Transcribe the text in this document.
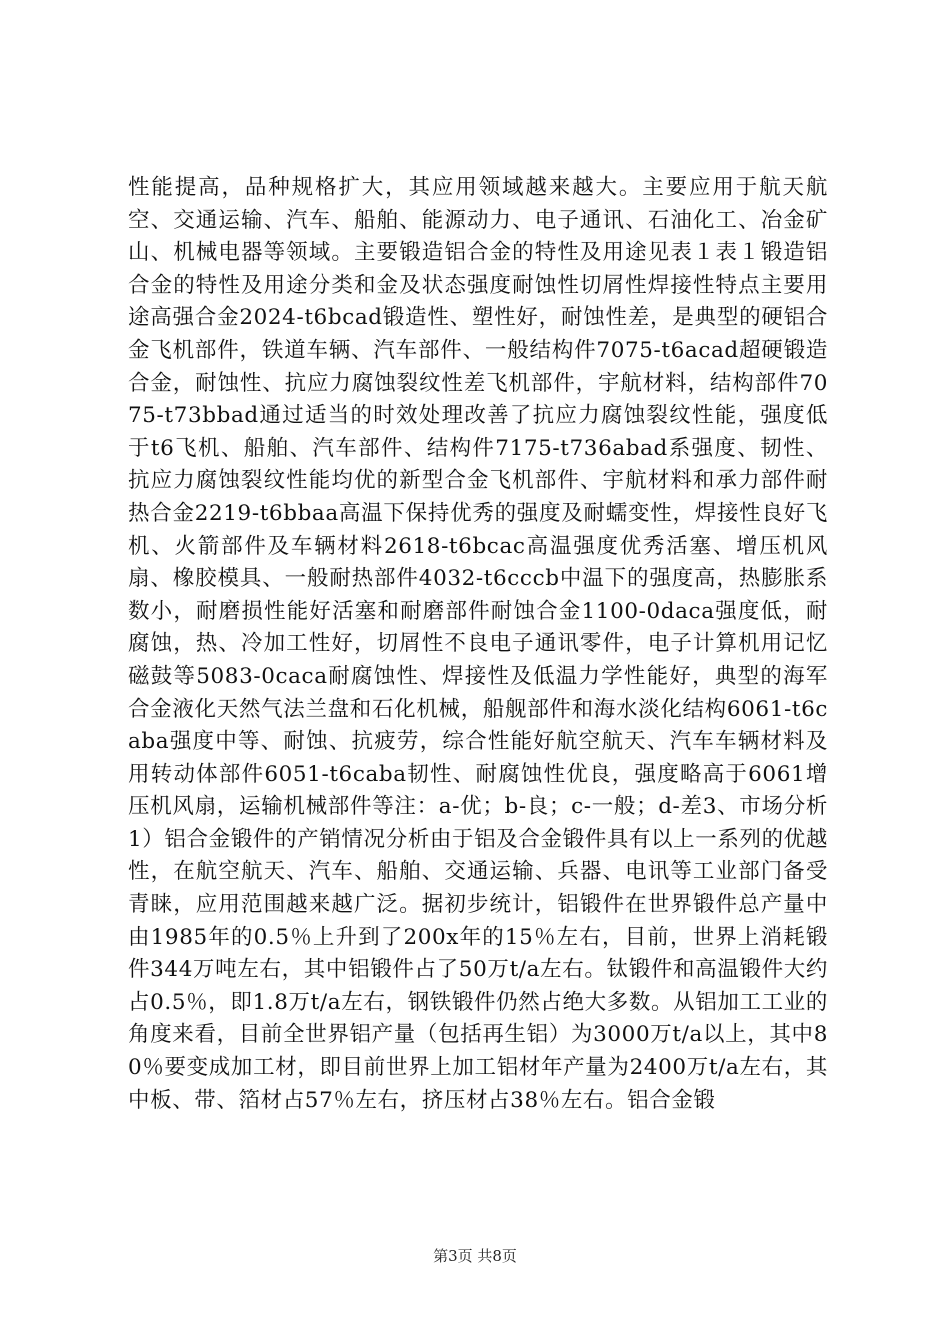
性能提高，品种规格扩大，其应用领域越来越大。主要应用于航天航空、交通运输、汽车、船舶、能源动力、电子通讯、石油化工、冶金矿山、机械电器等领域。主要锻造铝合金的特性及用途见表１表１锻造铝合金的特性及用途分类和金及状态强度耐蚀性切屑性焊接性特点主要用途高强合金2024-t6bcad锻造性、塑性好，耐蚀性差，是典型的硬铝合金飞机部件，铁道车辆、汽车部件、一般结构件7075-t6acad超硬锻造合金，耐蚀性、抗应力腐蚀裂纹性差飞机部件，宇航材料，结构部件7075-t73bbad通过适当的时效处理改善了抗应力腐蚀裂纹性能，强度低于t6飞机、船舶、汽车部件、结构件7175-t736abad系强度、韧性、抗应力腐蚀裂纹性能均优的新型合金飞机部件、宇航材料和承力部件耐热合金2219-t6bbaa高温下保持优秀的强度及耐蠕变性，焊接性良好飞机、火箭部件及车辆材料2618-t6bcac高温强度优秀活塞、增压机风扇、橡胶模具、一般耐热部件4032-t6cccb中温下的强度高，热膨胀系数小，耐磨损性能好活塞和耐磨部件耐蚀合金1100-0daca强度低，耐腐蚀，热、冷加工性好，切屑性不良电子通讯零件，电子计算机用记忆磁鼓等5083-0caca耐腐蚀性、焊接性及低温力学性能好，典型的海军合金液化天然气法兰盘和石化机械，船舰部件和海水淡化结构6061-t6caba强度中等、耐蚀、抗疲劳，综合性能好航空航天、汽车车辆材料及用转动体部件6051-t6caba韧性、耐腐蚀性优良，强度略高于6061增压机风扇，运输机械部件等注：a-优；b-良；c-一般；d-差3、市场分析1）铝合金锻件的产销情况分析由于铝及合金锻件具有以上一系列的优越性，在航空航天、汽车、船舶、交通运输、兵器、电讯等工业部门备受青睐，应用范围越来越广泛。据初步统计，铝锻件在世界锻件总产量中由1985年的0.5％上升到了200x年的15％左右，目前，世界上消耗锻件344万吨左右，其中铝锻件占了50万t/a左右。钛锻件和高温锻件大约占0.5％，即1.8万t/a左右，钢铁锻件仍然占绝大多数。从铝加工工业的角度来看，目前全世界铝产量（包括再生铝）为3000万t/a以上，其中80％要变成加工材，即目前世界上加工铝材年产量为2400万t/a左右，其中板、带、箔材占57％左右，挤压材占38％左右。铝合金锻

第3页 共8页
